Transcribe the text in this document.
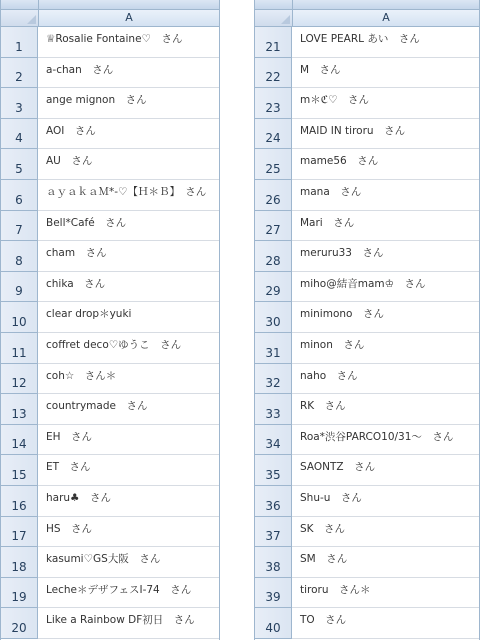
A
1
♕Rosalie Fontaine♡　さん
2
a-chan　さん
3
ange mignon　さん
4
AOI　さん
5
AU　さん
6
ａｙａｋａＭ*-♡【Ｈ＊Ｂ】　さん
7
Bell*Café　さん
8
cham　さん
9
chika　さん
10
clear drop＊yuki
11
coffret deco♡ゆうこ　さん
12
coh☆　さん＊
13
countrymade　さん
14
EH　さん
15
ET　さん
16
haru♣　さん
17
HS　さん
18
kasumi♡GS大阪　さん
19
Leche＊デザフェスI-74　さん
20
Like a Rainbow DF初日　さん
A
21
LOVE PEARL あい　さん
22
M　さん
23
m＊ℭ♡　さん
24
MAID IN tiroru　さん
25
mame56　さん
26
mana　さん
27
Mari　さん
28
meruru33　さん
29
miho@結音mam♔　さん
30
minimono　さん
31
minon　さん
32
naho　さん
33
RK　さん
34
Roa*渋谷PARCO10/31～　さん
35
SAONTZ　さん
36
Shu-u　さん
37
SK　さん
38
SM　さん
39
tiroru　さん＊
40
TO　さん
